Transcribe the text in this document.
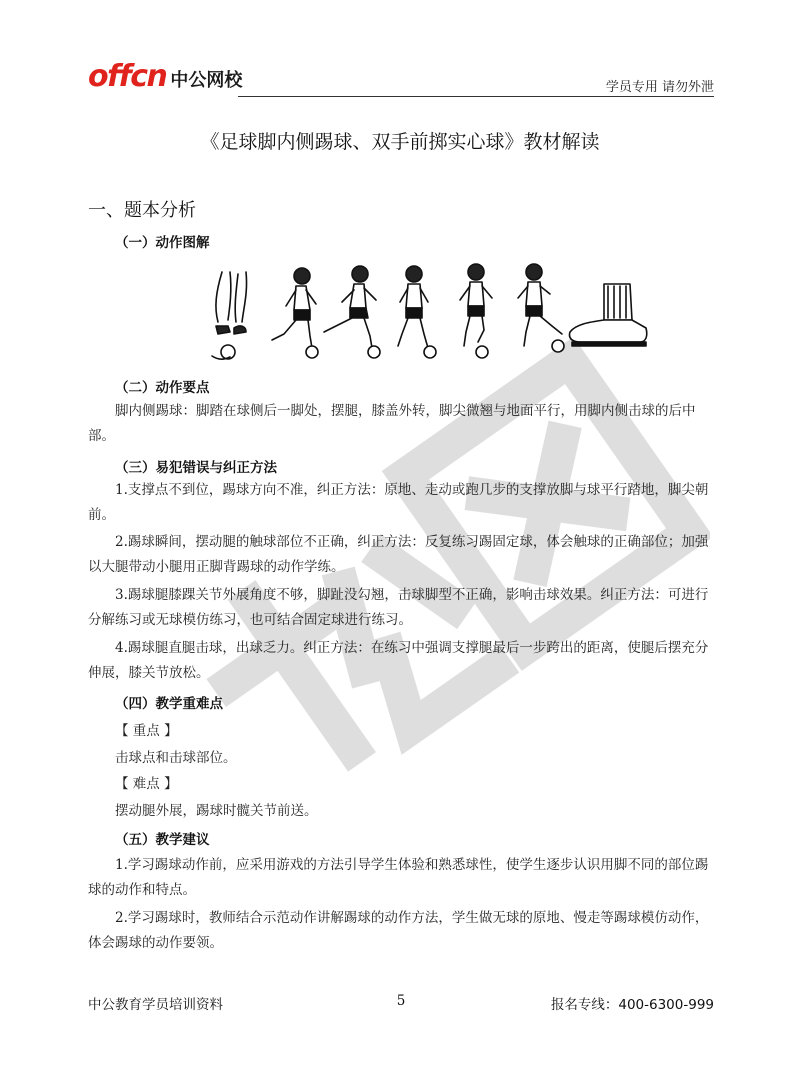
offcn 中公网校	学员专用 请勿外泄
《足球脚内侧踢球、双手前掷实心球》教材解读
一、题本分析
（一）动作图解
（二）动作要点
脚内侧踢球：脚踏在球侧后一脚处，摆腿，膝盖外转，脚尖微翘与地面平行，用脚内侧击球的后中部。
（三）易犯错误与纠正方法
1.支撑点不到位，踢球方向不准，纠正方法：原地、走动或跑几步的支撑放脚与球平行踏地，脚尖朝前。
2.踢球瞬间，摆动腿的触球部位不正确，纠正方法：反复练习踢固定球，体会触球的正确部位；加强以大腿带动小腿用正脚背踢球的动作学练。
3.踢球腿膝踝关节外展角度不够，脚趾没勾翘，击球脚型不正确，影响击球效果。纠正方法：可进行分解练习或无球模仿练习，也可结合固定球进行练习。
4.踢球腿直腿击球，出球乏力。纠正方法：在练习中强调支撑腿最后一步跨出的距离，使腿后摆充分伸展，膝关节放松。
（四）教学重难点
【 重点 】
击球点和击球部位。
【 难点 】
摆动腿外展，踢球时髋关节前送。
（五）教学建议
1.学习踢球动作前，应采用游戏的方法引导学生体验和熟悉球性，使学生逐步认识用脚不同的部位踢球的动作和特点。
2.学习踢球时，教师结合示范动作讲解踢球的动作方法，学生做无球的原地、慢走等踢球模仿动作，体会踢球的动作要领。
中公教育学员培训资料	5	报名专线：400-6300-999
